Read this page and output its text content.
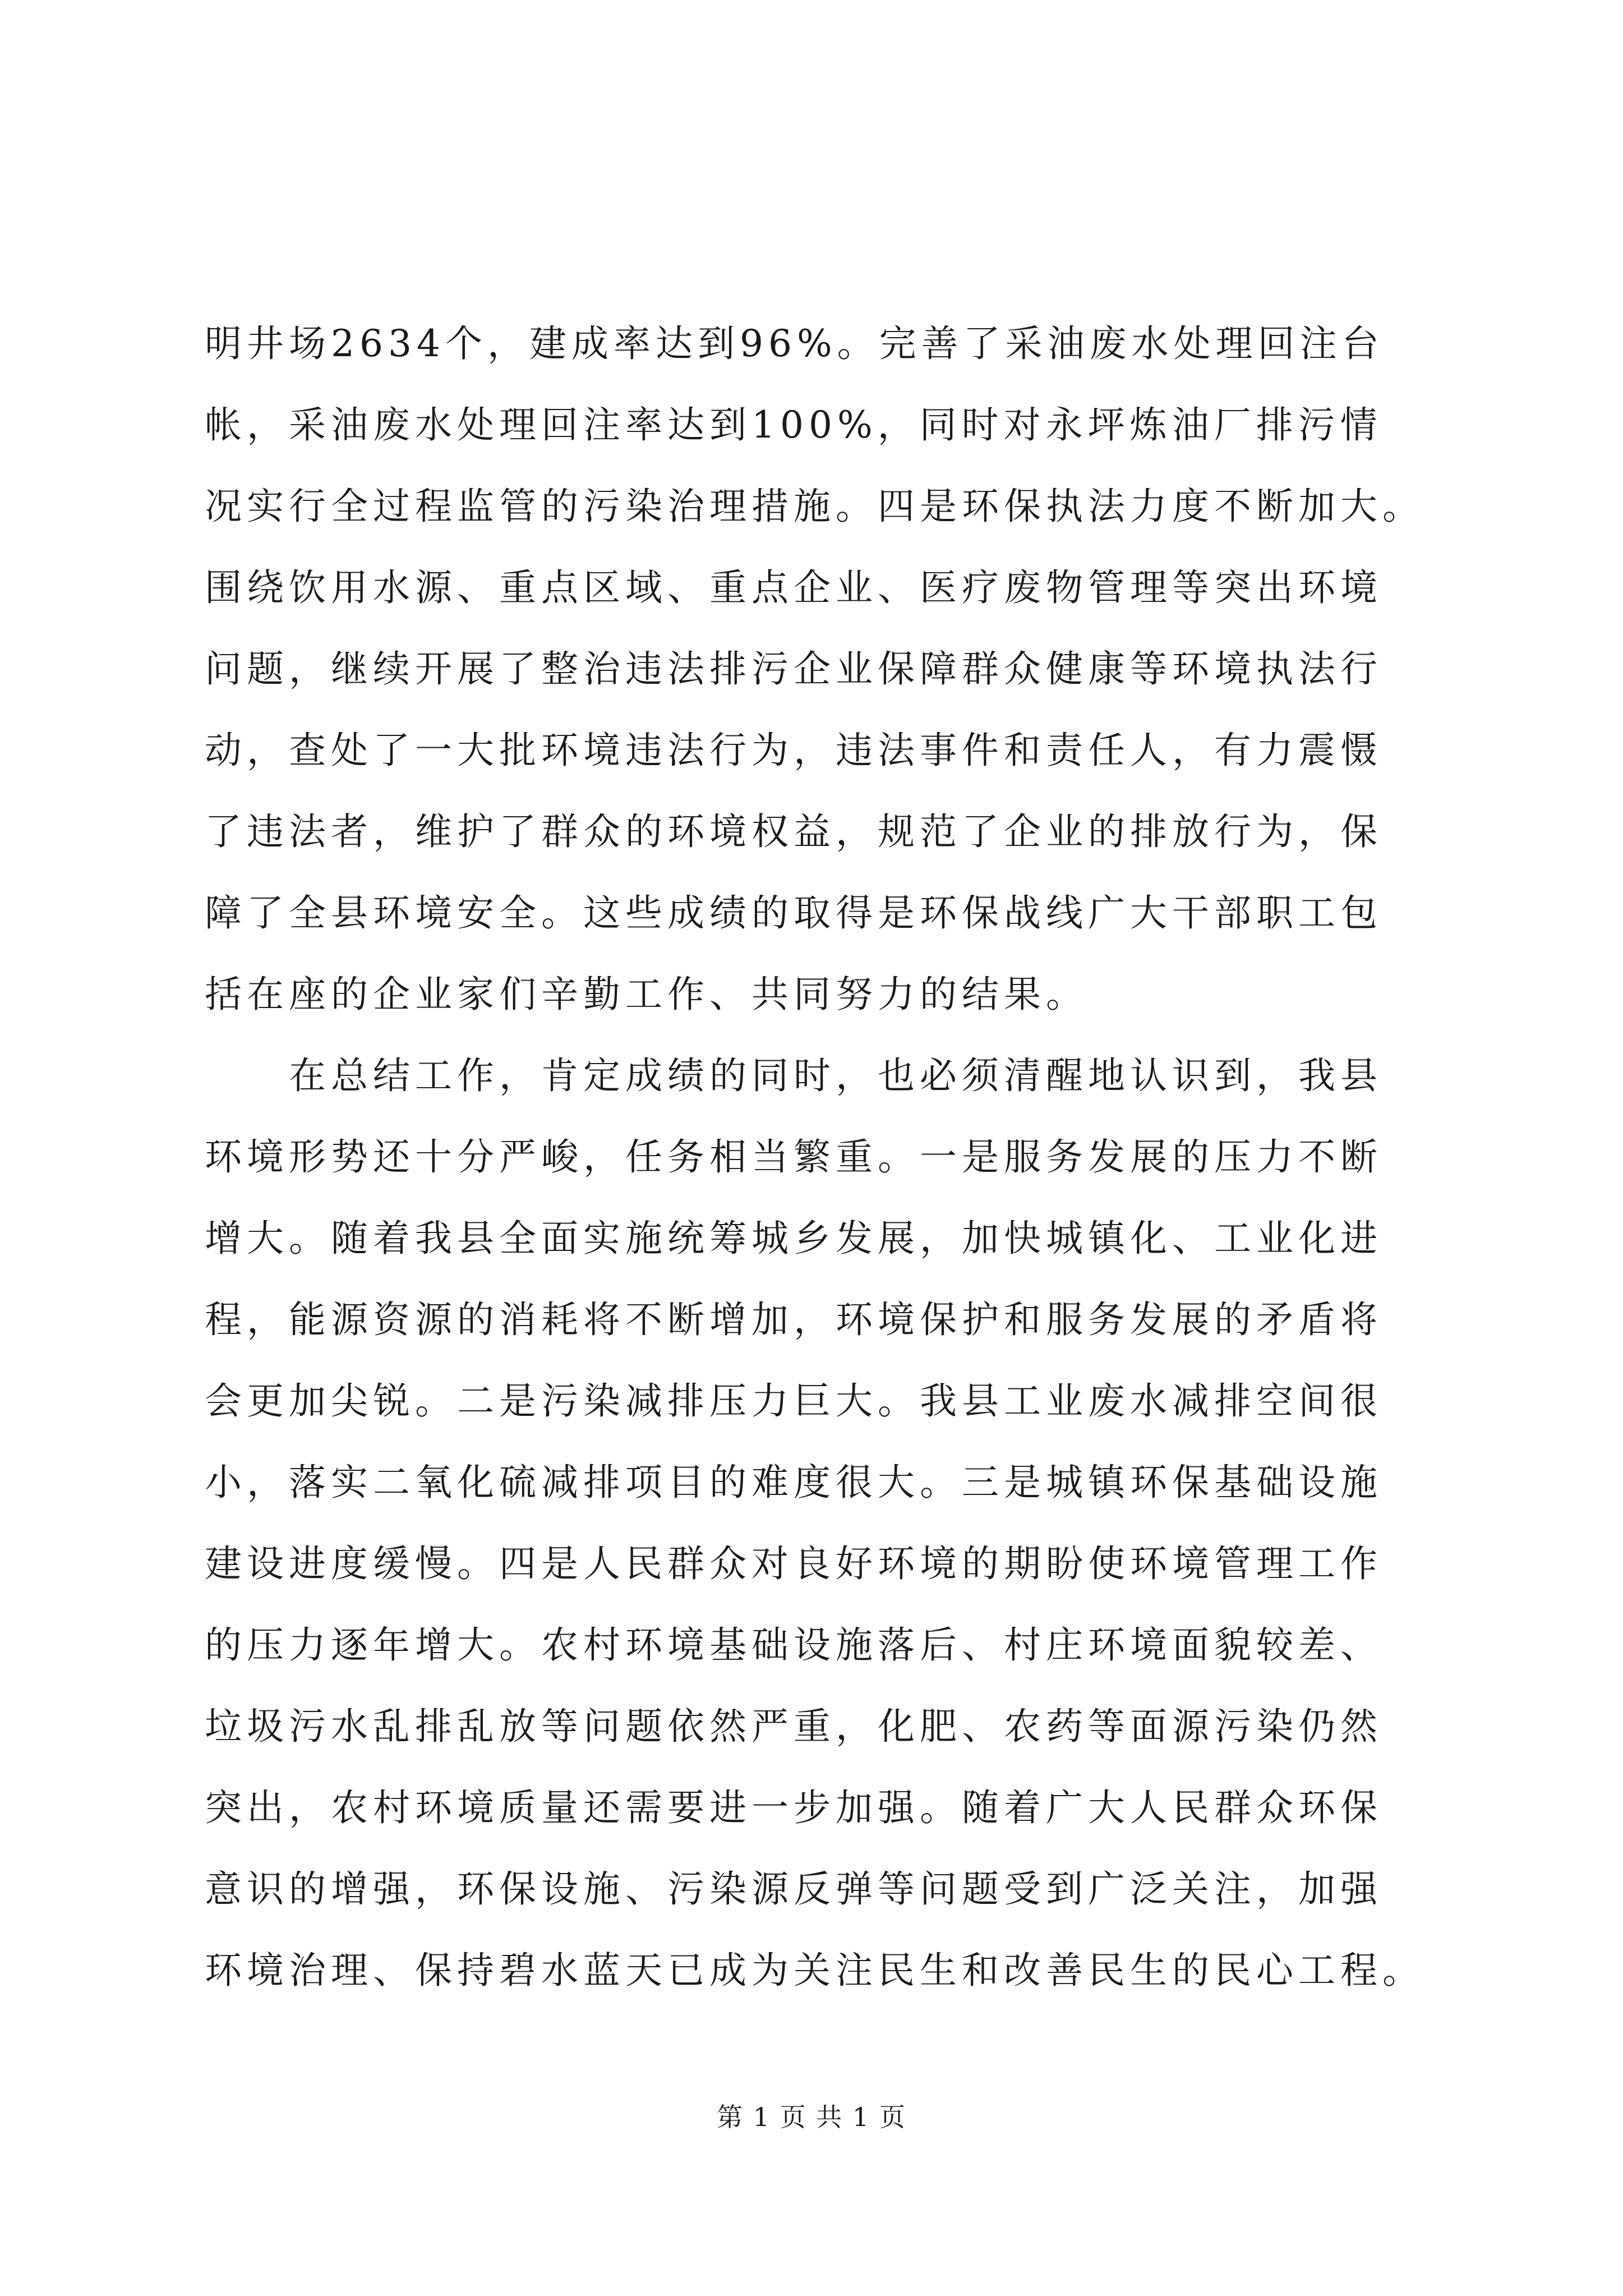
明井场2634个，建成率达到96%。完善了采油废水处理回注台
帐，采油废水处理回注率达到100%，同时对永坪炼油厂排污情
况实行全过程监管的污染治理措施。四是环保执法力度不断加大。
围绕饮用水源、重点区域、重点企业、医疗废物管理等突出环境
问题，继续开展了整治违法排污企业保障群众健康等环境执法行
动，查处了一大批环境违法行为，违法事件和责任人，有力震慑
了违法者，维护了群众的环境权益，规范了企业的排放行为，保
障了全县环境安全。这些成绩的取得是环保战线广大干部职工包
括在座的企业家们辛勤工作、共同努力的结果。
　　在总结工作，肯定成绩的同时，也必须清醒地认识到，我县
环境形势还十分严峻，任务相当繁重。一是服务发展的压力不断
增大。随着我县全面实施统筹城乡发展，加快城镇化、工业化进
程，能源资源的消耗将不断增加，环境保护和服务发展的矛盾将
会更加尖锐。二是污染减排压力巨大。我县工业废水减排空间很
小，落实二氧化硫减排项目的难度很大。三是城镇环保基础设施
建设进度缓慢。四是人民群众对良好环境的期盼使环境管理工作
的压力逐年增大。农村环境基础设施落后、村庄环境面貌较差、
垃圾污水乱排乱放等问题依然严重，化肥、农药等面源污染仍然
突出，农村环境质量还需要进一步加强。随着广大人民群众环保
意识的增强，环保设施、污染源反弹等问题受到广泛关注，加强
环境治理、保持碧水蓝天已成为关注民生和改善民生的民心工程。
第 1 页 共 1 页
